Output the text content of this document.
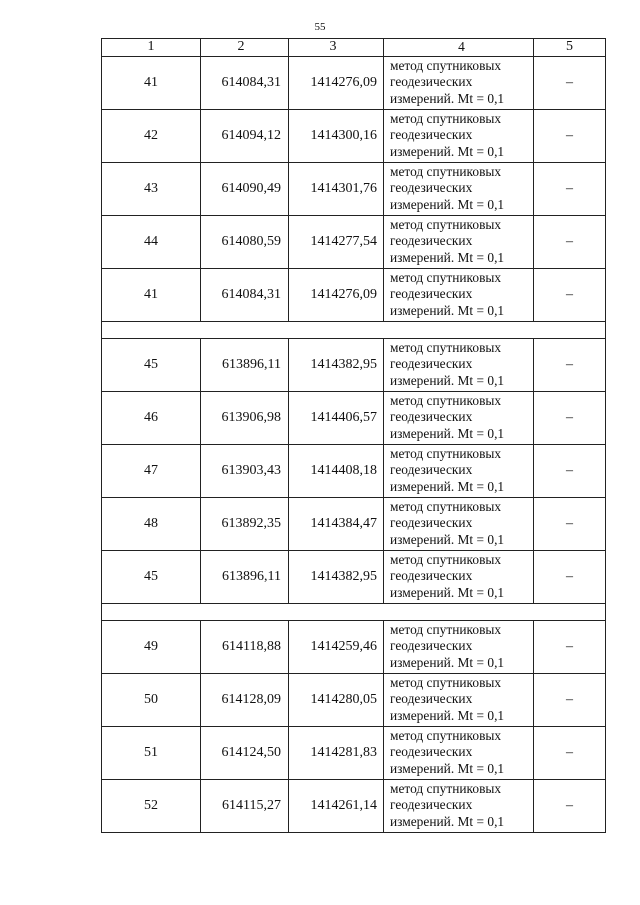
55
1	2	3	4	5
41	614084,31	1414276,09	метод спутниковых
геодезических
измерений. Mt = 0,1	–
42	614094,12	1414300,16	метод спутниковых
геодезических
измерений. Mt = 0,1	–
43	614090,49	1414301,76	метод спутниковых
геодезических
измерений. Mt = 0,1	–
44	614080,59	1414277,54	метод спутниковых
геодезических
измерений. Mt = 0,1	–
41	614084,31	1414276,09	метод спутниковых
геодезических
измерений. Mt = 0,1	–

45	613896,11	1414382,95	метод спутниковых
геодезических
измерений. Mt = 0,1	–
46	613906,98	1414406,57	метод спутниковых
геодезических
измерений. Mt = 0,1	–
47	613903,43	1414408,18	метод спутниковых
геодезических
измерений. Mt = 0,1	–
48	613892,35	1414384,47	метод спутниковых
геодезических
измерений. Mt = 0,1	–
45	613896,11	1414382,95	метод спутниковых
геодезических
измерений. Mt = 0,1	–

49	614118,88	1414259,46	метод спутниковых
геодезических
измерений. Mt = 0,1	–
50	614128,09	1414280,05	метод спутниковых
геодезических
измерений. Mt = 0,1	–
51	614124,50	1414281,83	метод спутниковых
геодезических
измерений. Mt = 0,1	–
52	614115,27	1414261,14	метод спутниковых
геодезических
измерений. Mt = 0,1	–
